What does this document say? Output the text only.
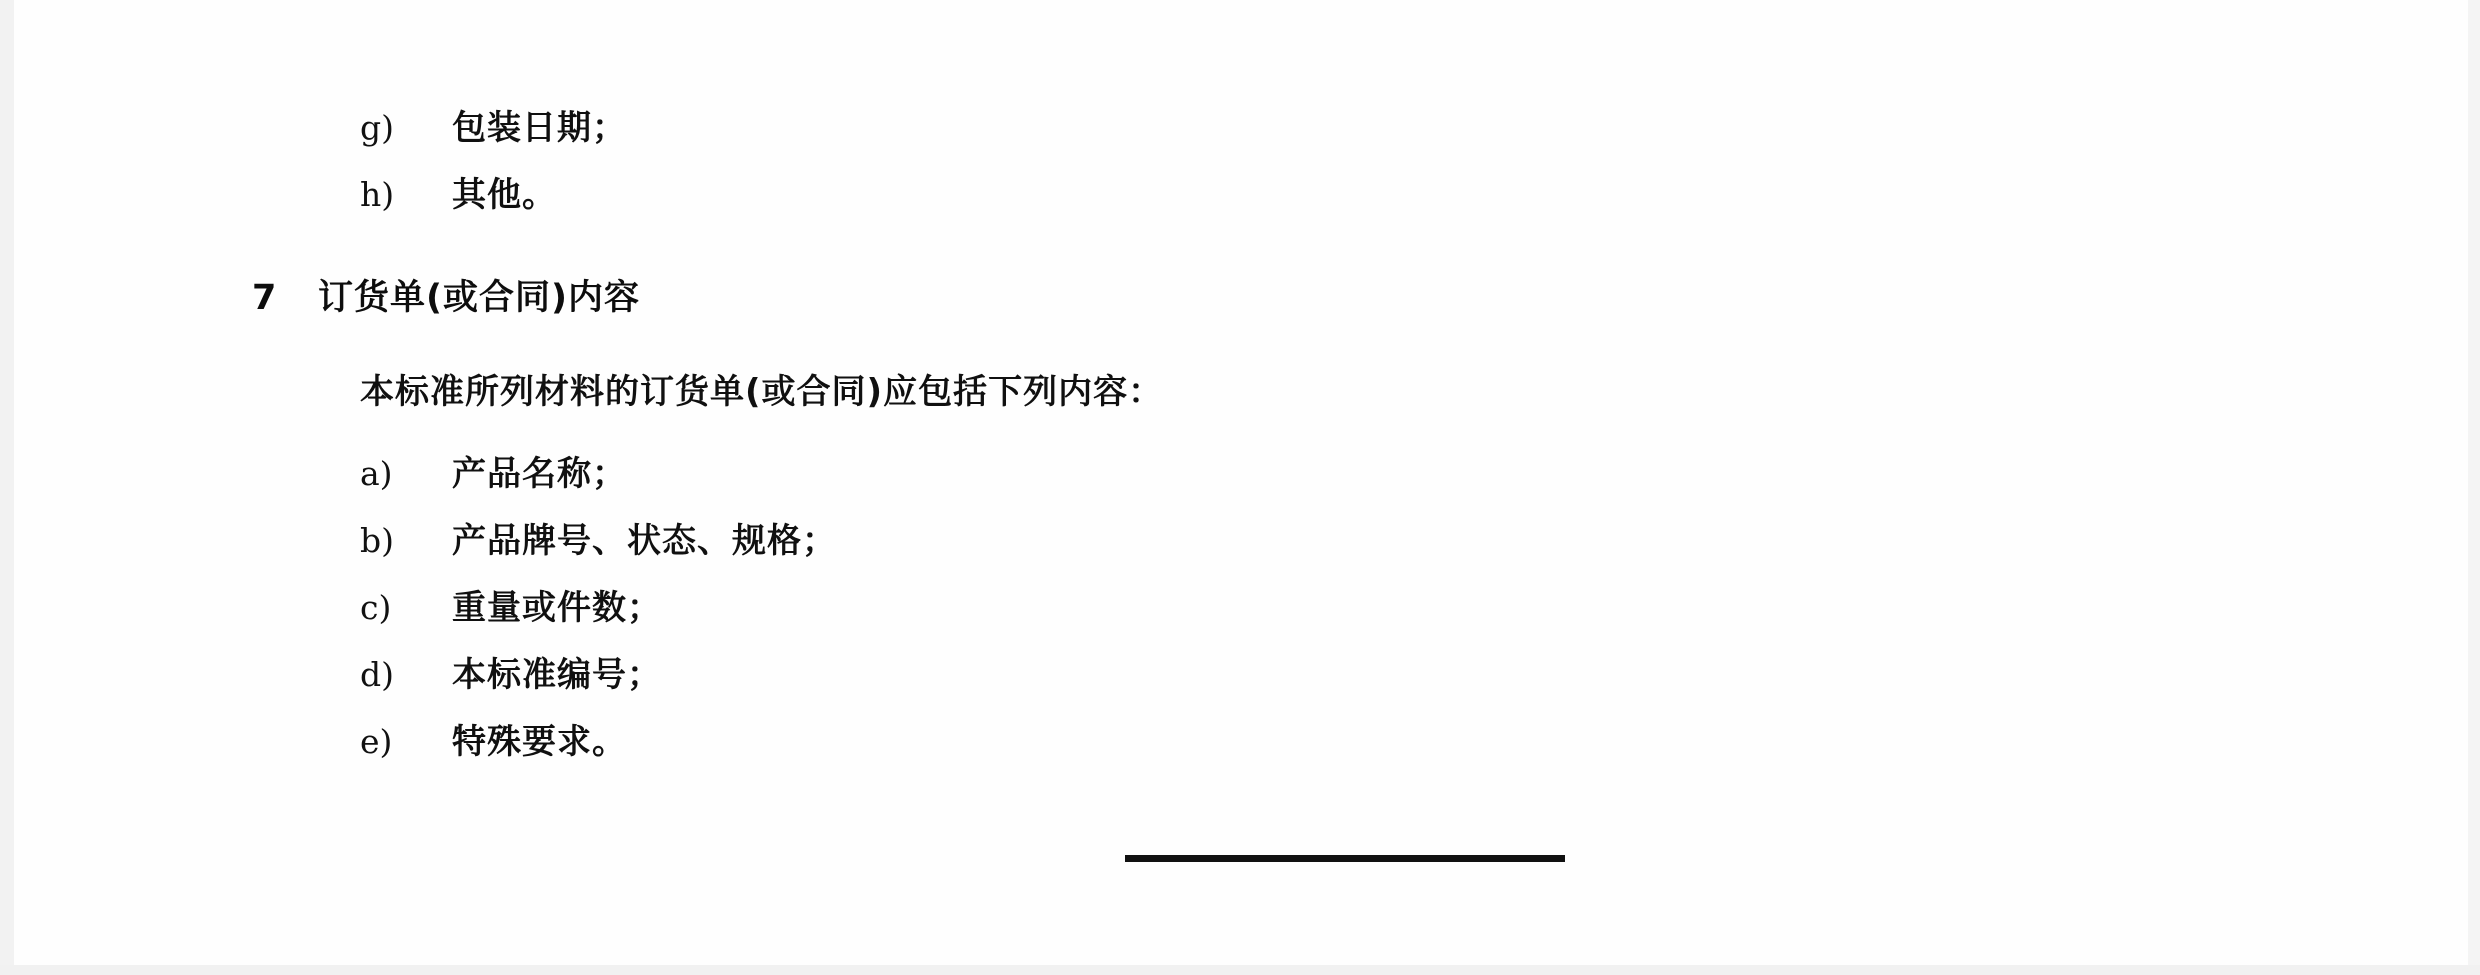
g)	包装日期；
h)	其他。
7	订货单(或合同)内容
本标准所列材料的订货单(或合同)应包括下列内容：
a)	产品名称；
b)	产品牌号、状态、规格；
c)	重量或件数；
d)	本标准编号；
e)	特殊要求。
